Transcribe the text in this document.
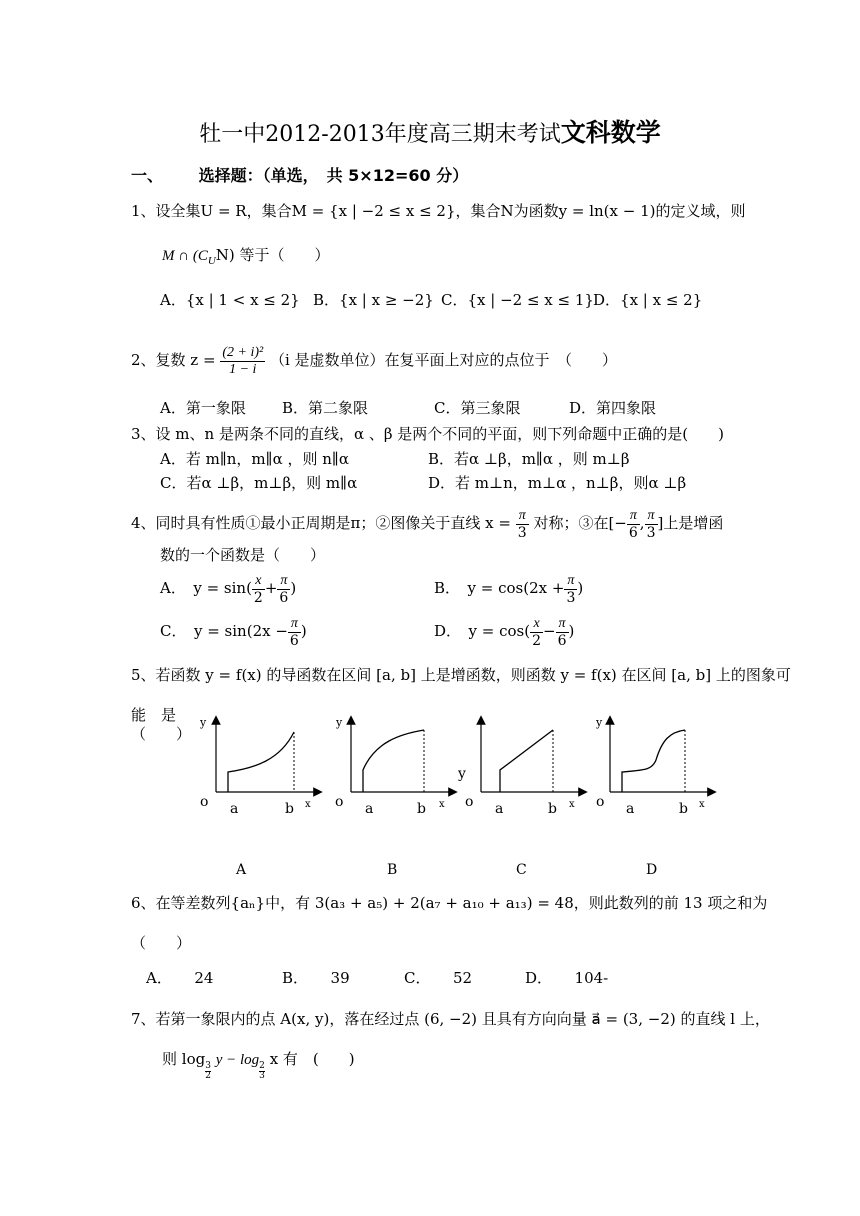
牡一中2012-2013年度高三期末考试文科数学
一、 选择题：（单选，　共 5×12=60 分）
1、设全集U = R，集合M = {x | −2 ≤ x ≤ 2}，集合N为函数y = ln(x − 1)的定义域，则
M ∩ $(C_UN)$ 等于（　　）
A．{x | 1 < x ≤ 2} B．{x | x ≥ −2} C．{x | −2 ≤ x ≤ 1} D．{x | x ≤ 2}
2、复数 $z = \frac{\text{(2 + i)²}}{1 - i} (i$ 是虚数单位）在复平面上对应的点位于　（　　）
A．第一象限 B．第二象限	C．第三象限	D．第四象限
3、设 m、n 是两条不同的直线，α 、β 是两个不同的平面，则下列命题中正确的是(　　)
A．若 m∥n，m∥α ，则 n∥α	B．若α ⊥β，m∥α ，则 m⊥β
C．若α ⊥β，m⊥β，则 m∥α	D．若 m⊥n，m⊥α ，n⊥β，则α ⊥β
4、同时具有性质①最小正周期是π；②图像关于直线 $x = \frac{\pi}{3}$ 对称；③在[− $\frac{\pi}{6}$ , $\frac{\pi}{3}$ ]上是增函
数的一个函数是（　　）
A．　$y = \sin( \frac{x}{2} + \frac{\pi}{6}$ )	B．　$y = \cos(2x + \frac{\pi}{3}$ )
C．　$y = \sin(2x - \frac{\pi}{6}$ )	D．　$y = \cos( \frac{x}{2} - \frac{\pi}{6}$ )
5、若函数 y = f(x) 的导函数在区间 [a, b] 上是增函数，则函数 y = f(x) 在区间 [a, b] 上的图象可
能　是
（　　）
y	y
y
y
o a	b x o a	b x o a	b x o a	b x
A	B	C	D
6、在等差数列{aₙ}中，有 3(a₃ + a₅) + 2(a₇ + a₁₀ + a₁₃) = 48，则此数列的前 13 项之和为
（　　）
A．　　24	B．　　39	C．　　52	D．　　104-
7、若第一象限内的点 A(x, y)，落在经过点 (6, −2) 且具有方向向量 a⃗ = (3, −2) 的直线 l 上，
则 log
$\frac{3}{2}$
y − log
$\frac{2}{3}$
x 有　(　　)
